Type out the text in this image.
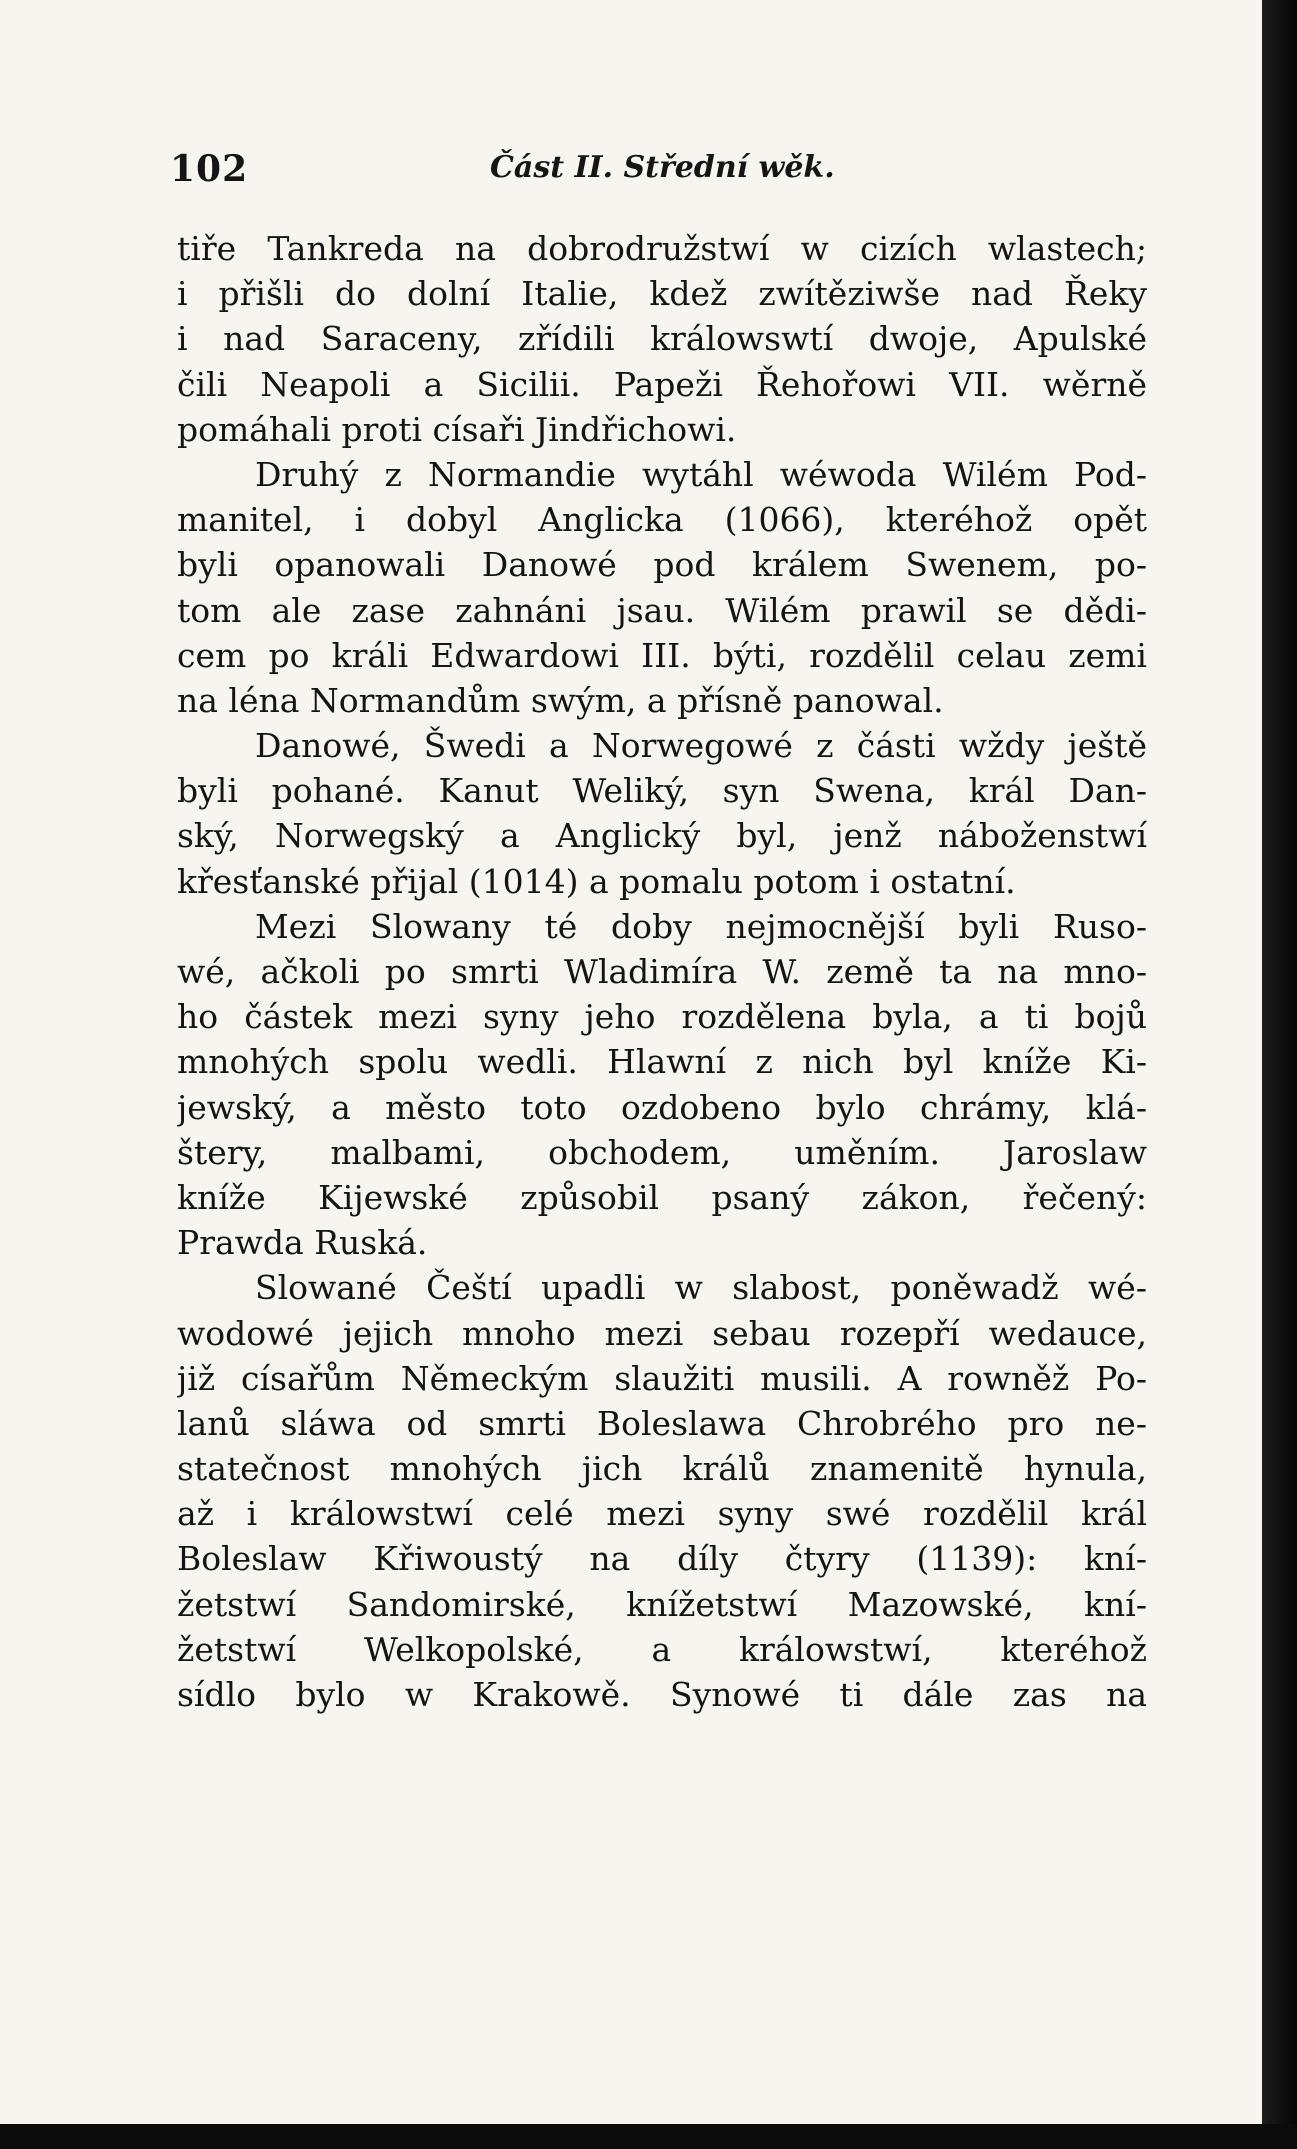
102	Část II. Střední wěk.
tiře Tankreda na dobrodružstwí w cizích wlastech;
i přišli do dolní Italie, kdež zwítěziwše nad Řeky
i nad Saraceny, zřídili králowswtí dwoje, Apulské
čili Neapoli a Sicilii. Papeži Řehořowi VII. wěrně
pomáhali proti císaři Jindřichowi.
Druhý z Normandie wytáhl wéwoda Wilém Pod-
manitel, i dobyl Anglicka (1066), kteréhož opět
byli opanowali Danowé pod králem Swenem, po-
tom ale zase zahnáni jsau. Wilém prawil se dědi-
cem po králi Edwardowi III. býti, rozdělil celau zemi
na léna Normandům swým, a přísně panowal.
Danowé, Šwedi a Norwegowé z části wždy ještě
byli pohané. Kanut Weliký, syn Swena, král Dan-
ský, Norwegský a Anglický byl, jenž náboženstwí
křesťanské přijal (1014) a pomalu potom i ostatní.
Mezi Slowany té doby nejmocnější byli Ruso-
wé, ačkoli po smrti Wladimíra W. země ta na mno-
ho částek mezi syny jeho rozdělena byla, a ti bojů
mnohých spolu wedli. Hlawní z nich byl kníže Ki-
jewský, a město toto ozdobeno bylo chrámy, klá-
štery, malbami, obchodem, uměním. Jaroslaw
kníže Kijewské způsobil psaný zákon, řečený:
Prawda Ruská.
Slowané Čeští upadli w slabost, poněwadž wé-
wodowé jejich mnoho mezi sebau rozepří wedauce,
již císařům Německým slaužiti musili. A rowněž Po-
lanů sláwa od smrti Boleslawa Chrobrého pro ne-
statečnost mnohých jich králů znamenitě hynula,
až i králowstwí celé mezi syny swé rozdělil král
Boleslaw Křiwoustý na díly čtyry (1139): kní-
žetstwí Sandomirské, knížetstwí Mazowské, kní-
žetstwí Welkopolské, a králowstwí, kteréhož
sídlo bylo w Krakowě. Synowé ti dále zas na
